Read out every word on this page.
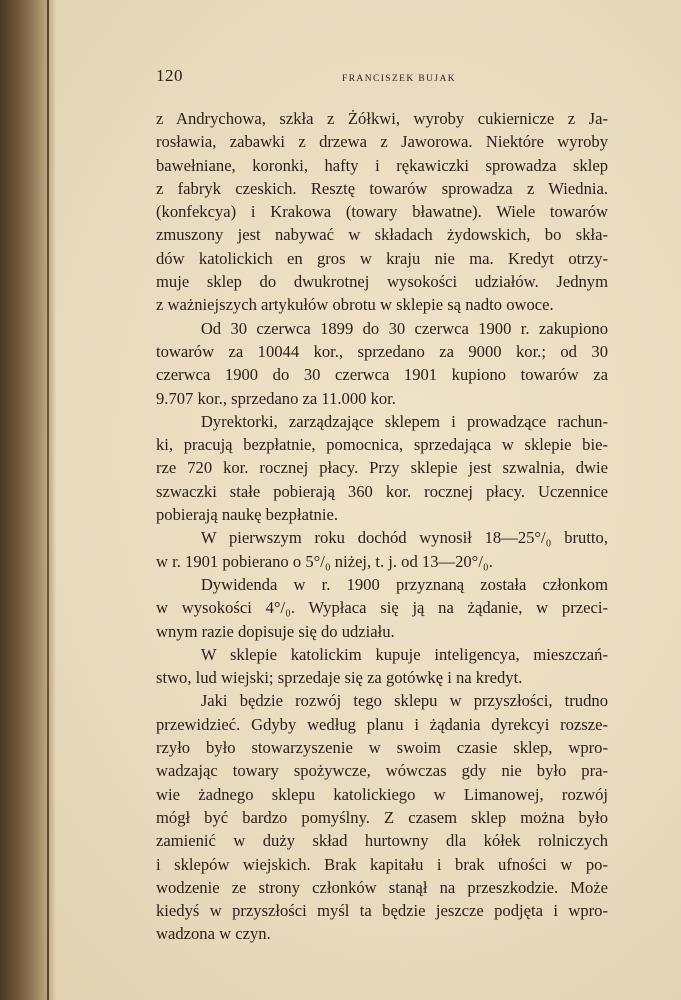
120	FRANCISZEK BUJAK

z Andrychowa, szkła z Żółkwi, wyroby cukiernicze z Ja-
rosławia, zabawki z drzewa z Jaworowa. Niektóre wyroby
bawełniane, koronki, hafty i rękawiczki sprowadza sklep
z fabryk czeskich. Resztę towarów sprowadza z Wiednia.
(konfekcya) i Krakowa (towary bławatne). Wiele towarów
zmuszony jest nabywać w składach żydowskich, bo skła-
dów katolickich en gros w kraju nie ma. Kredyt otrzy-
muje sklep do dwukrotnej wysokości udziałów. Jednym
z ważniejszych artykułów obrotu w sklepie są nadto owoce.

Od 30 czerwca 1899 do 30 czerwca 1900 r. zakupiono
towarów za 10044 kor., sprzedano za 9000 kor.; od 30
czerwca 1900 do 30 czerwca 1901 kupiono towarów za
9.707 kor., sprzedano za 11.000 kor.

Dyrektorki, zarządzające sklepem i prowadzące rachun-
ki, pracują bezpłatnie, pomocnica, sprzedająca w sklepie bie-
rze 720 kor. rocznej płacy. Przy sklepie jest szwalnia, dwie
szwaczki stałe pobierają 360 kor. rocznej płacy. Uczennice
pobierają naukę bezpłatnie.

W pierwszym roku dochód wynosił 18—25°/₀ brutto,
w r. 1901 pobierano o 5°/₀ niżej, t. j. od 13—20°/₀.

Dywidenda w r. 1900 przyznaną została członkom
w wysokości 4°/₀. Wypłaca się ją na żądanie, w przeci-
wnym razie dopisuje się do udziału.

W sklepie katolickim kupuje inteligencya, mieszczań-
stwo, lud wiejski; sprzedaje się za gotówkę i na kredyt.

Jaki będzie rozwój tego sklepu w przyszłości, trudno
przewidzieć. Gdyby według planu i żądania dyrekcyi rozsze-
rzyło było stowarzyszenie w swoim czasie sklep, wpro-
wadzając towary spożywcze, wówczas gdy nie było pra-
wie żadnego sklepu katolickiego w Limanowej, rozwój
mógł być bardzo pomyślny. Z czasem sklep można było
zamienić w duży skład hurtowny dla kółek rolniczych
i sklepów wiejskich. Brak kapitału i brak ufności w po-
wodzenie ze strony członków stanął na przeszkodzie. Może
kiedyś w przyszłości myśl ta będzie jeszcze podjęta i wpro-
wadzona w czyn.
